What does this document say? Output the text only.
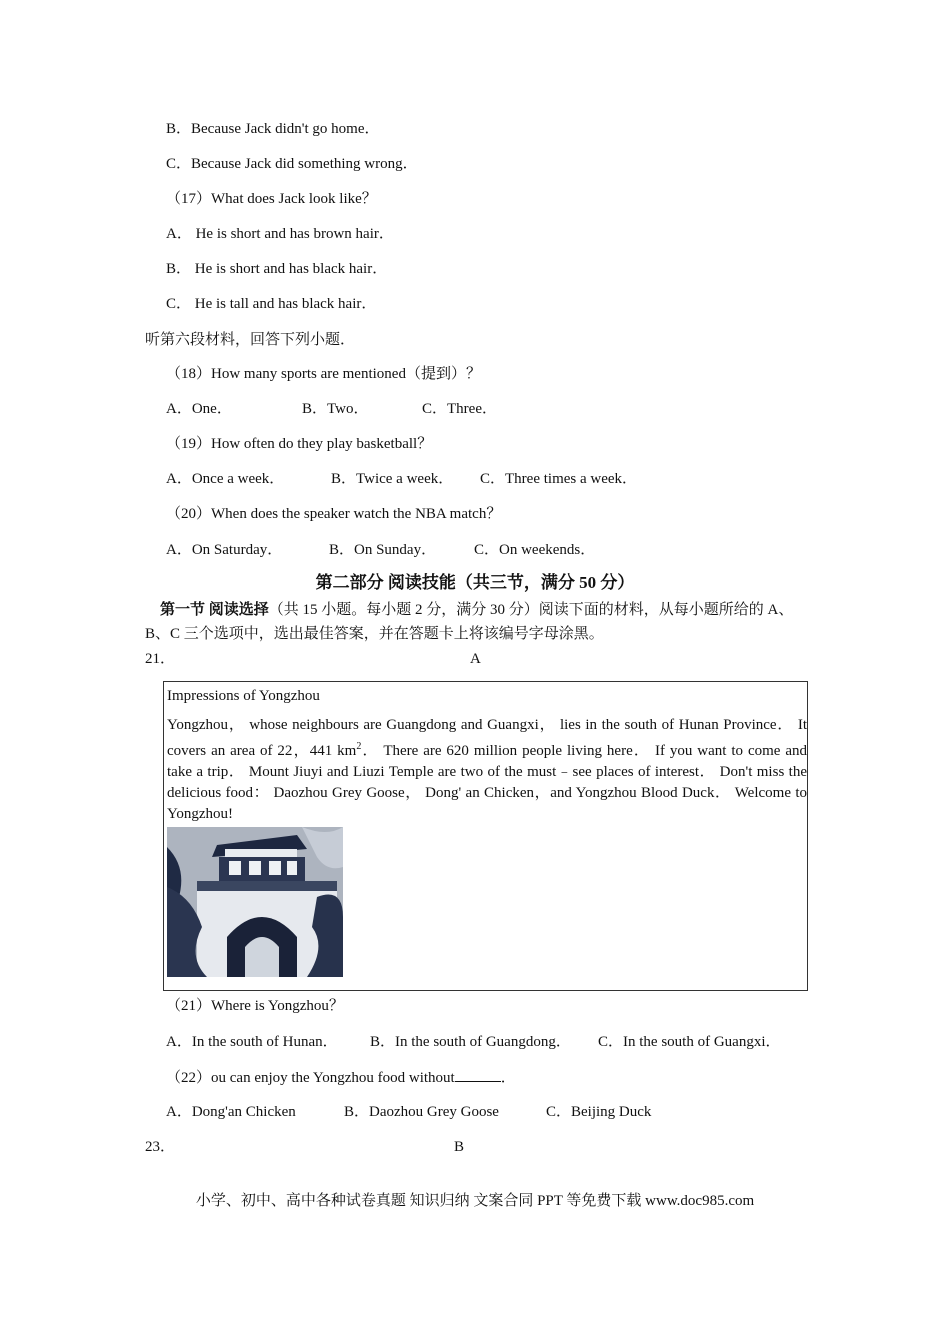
B．Because Jack didn't go home．
C．Because Jack did something wrong．
（17）What does Jack look like？
A． He is short and has brown hair．
B． He is short and has black hair．
C． He is tall and has black hair．
听第六段材料，回答下列小题．
（18）How many sports are mentioned（提到）？
A．One．	B．Two．	C．Three．
（19）How often do they play basketball？
A．Once a week．	B．Twice a week． C．Three times a week．
（20）When does the speaker watch the NBA match？
A．On Saturday．	B．On Sunday．	C．On weekends．
第二部分 阅读技能（共三节，满分 50 分）
第一节 阅读选择（共 15 小题。每小题 2 分，满分 30 分）阅读下面的材料，从每小题所给的 A、B、C 三个选项中，选出最佳答案，并在答题卡上将该编号字母涂黑。
21．	A
Impressions of Yongzhou
Yongzhou， whose neighbours are Guangdong and Guangxi， lies in the south of Hunan Province． It covers an area of 22，441 $km^2$． There are 620 million people living here． If you want to come and take a trip． Mount Jiuyi and Liuzi Temple are two of the must﹣see places of interest． Don't miss the delicious food： Daozhou Grey Goose， Dong' an Chicken，and Yongzhou Blood Duck． Welcome to Yongzhou!
（21）Where is Yongzhou？
A．In the south of Hunan． B．In the south of Guangdong． C．In the south of Guangxi．
（22）ou can enjoy the Yongzhou food without	．
A．Dong'an Chicken	B．Daozhou Grey Goose	C．Beijing Duck
23．	B
小学、初中、高中各种试卷真题 知识归纳 文案合同 PPT 等免费下载 www.doc985.com
